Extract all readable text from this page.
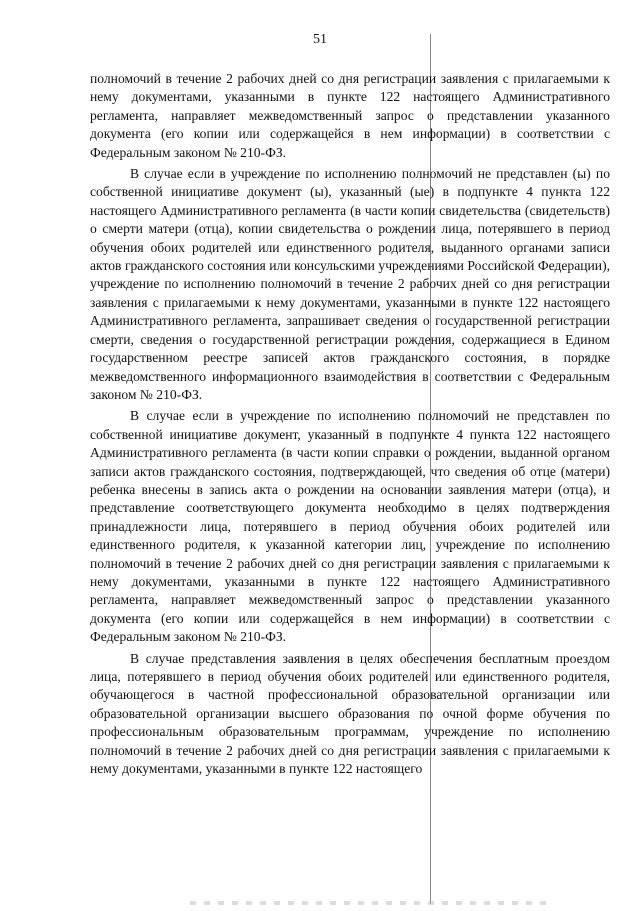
51

полномочий в течение 2 рабочих дней со дня регистрации заявления с прилагаемыми к нему документами, указанными в пункте 122 настоящего Административного регламента, направляет межведомственный запрос о представлении указанного документа (его копии или содержащейся в нем информации) в соответствии с Федеральным законом № 210-ФЗ.

В случае если в учреждение по исполнению полномочий не представлен (ы) по собственной инициативе документ (ы), указанный (ые) в подпункте 4 пункта 122 настоящего Административного регламента (в части копии свидетельства (свидетельств) о смерти матери (отца), копии свидетельства о рождении лица, потерявшего в период обучения обоих родителей или единственного родителя, выданного органами записи актов гражданского состояния или консульскими учреждениями Российской Федерации), учреждение по исполнению полномочий в течение 2 рабочих дней со дня регистрации заявления с прилагаемыми к нему документами, указанными в пункте 122 настоящего Административного регламента, запрашивает сведения о государственной регистрации смерти, сведения о государственной регистрации рождения, содержащиеся в Едином государственном реестре записей актов гражданского состояния, в порядке межведомственного информационного взаимодействия в соответствии с Федеральным законом № 210-ФЗ.

В случае если в учреждение по исполнению полномочий не представлен по собственной инициативе документ, указанный в подпункте 4 пункта 122 настоящего Административного регламента (в части копии справки о рождении, выданной органом записи актов гражданского состояния, подтверждающей, что сведения об отце (матери) ребенка внесены в запись акта о рождении на основании заявления матери (отца), и представление соответствующего документа необходимо в целях подтверждения принадлежности лица, потерявшего в период обучения обоих родителей или единственного родителя, к указанной категории лиц, учреждение по исполнению полномочий в течение 2 рабочих дней со дня регистрации заявления с прилагаемыми к нему документами, указанными в пункте 122 настоящего Административного регламента, направляет межведомственный запрос о представлении указанного документа (его копии или содержащейся в нем информации) в соответствии с Федеральным законом № 210-ФЗ.

В случае представления заявления в целях обеспечения бесплатным проездом лица, потерявшего в период обучения обоих родителей или единственного родителя, обучающегося в частной профессиональной образовательной организации или образовательной организации высшего образования по очной форме обучения по профессиональным образовательным программам, учреждение по исполнению полномочий в течение 2 рабочих дней со дня регистрации заявления с прилагаемыми к нему документами, указанными в пункте 122 настоящего
